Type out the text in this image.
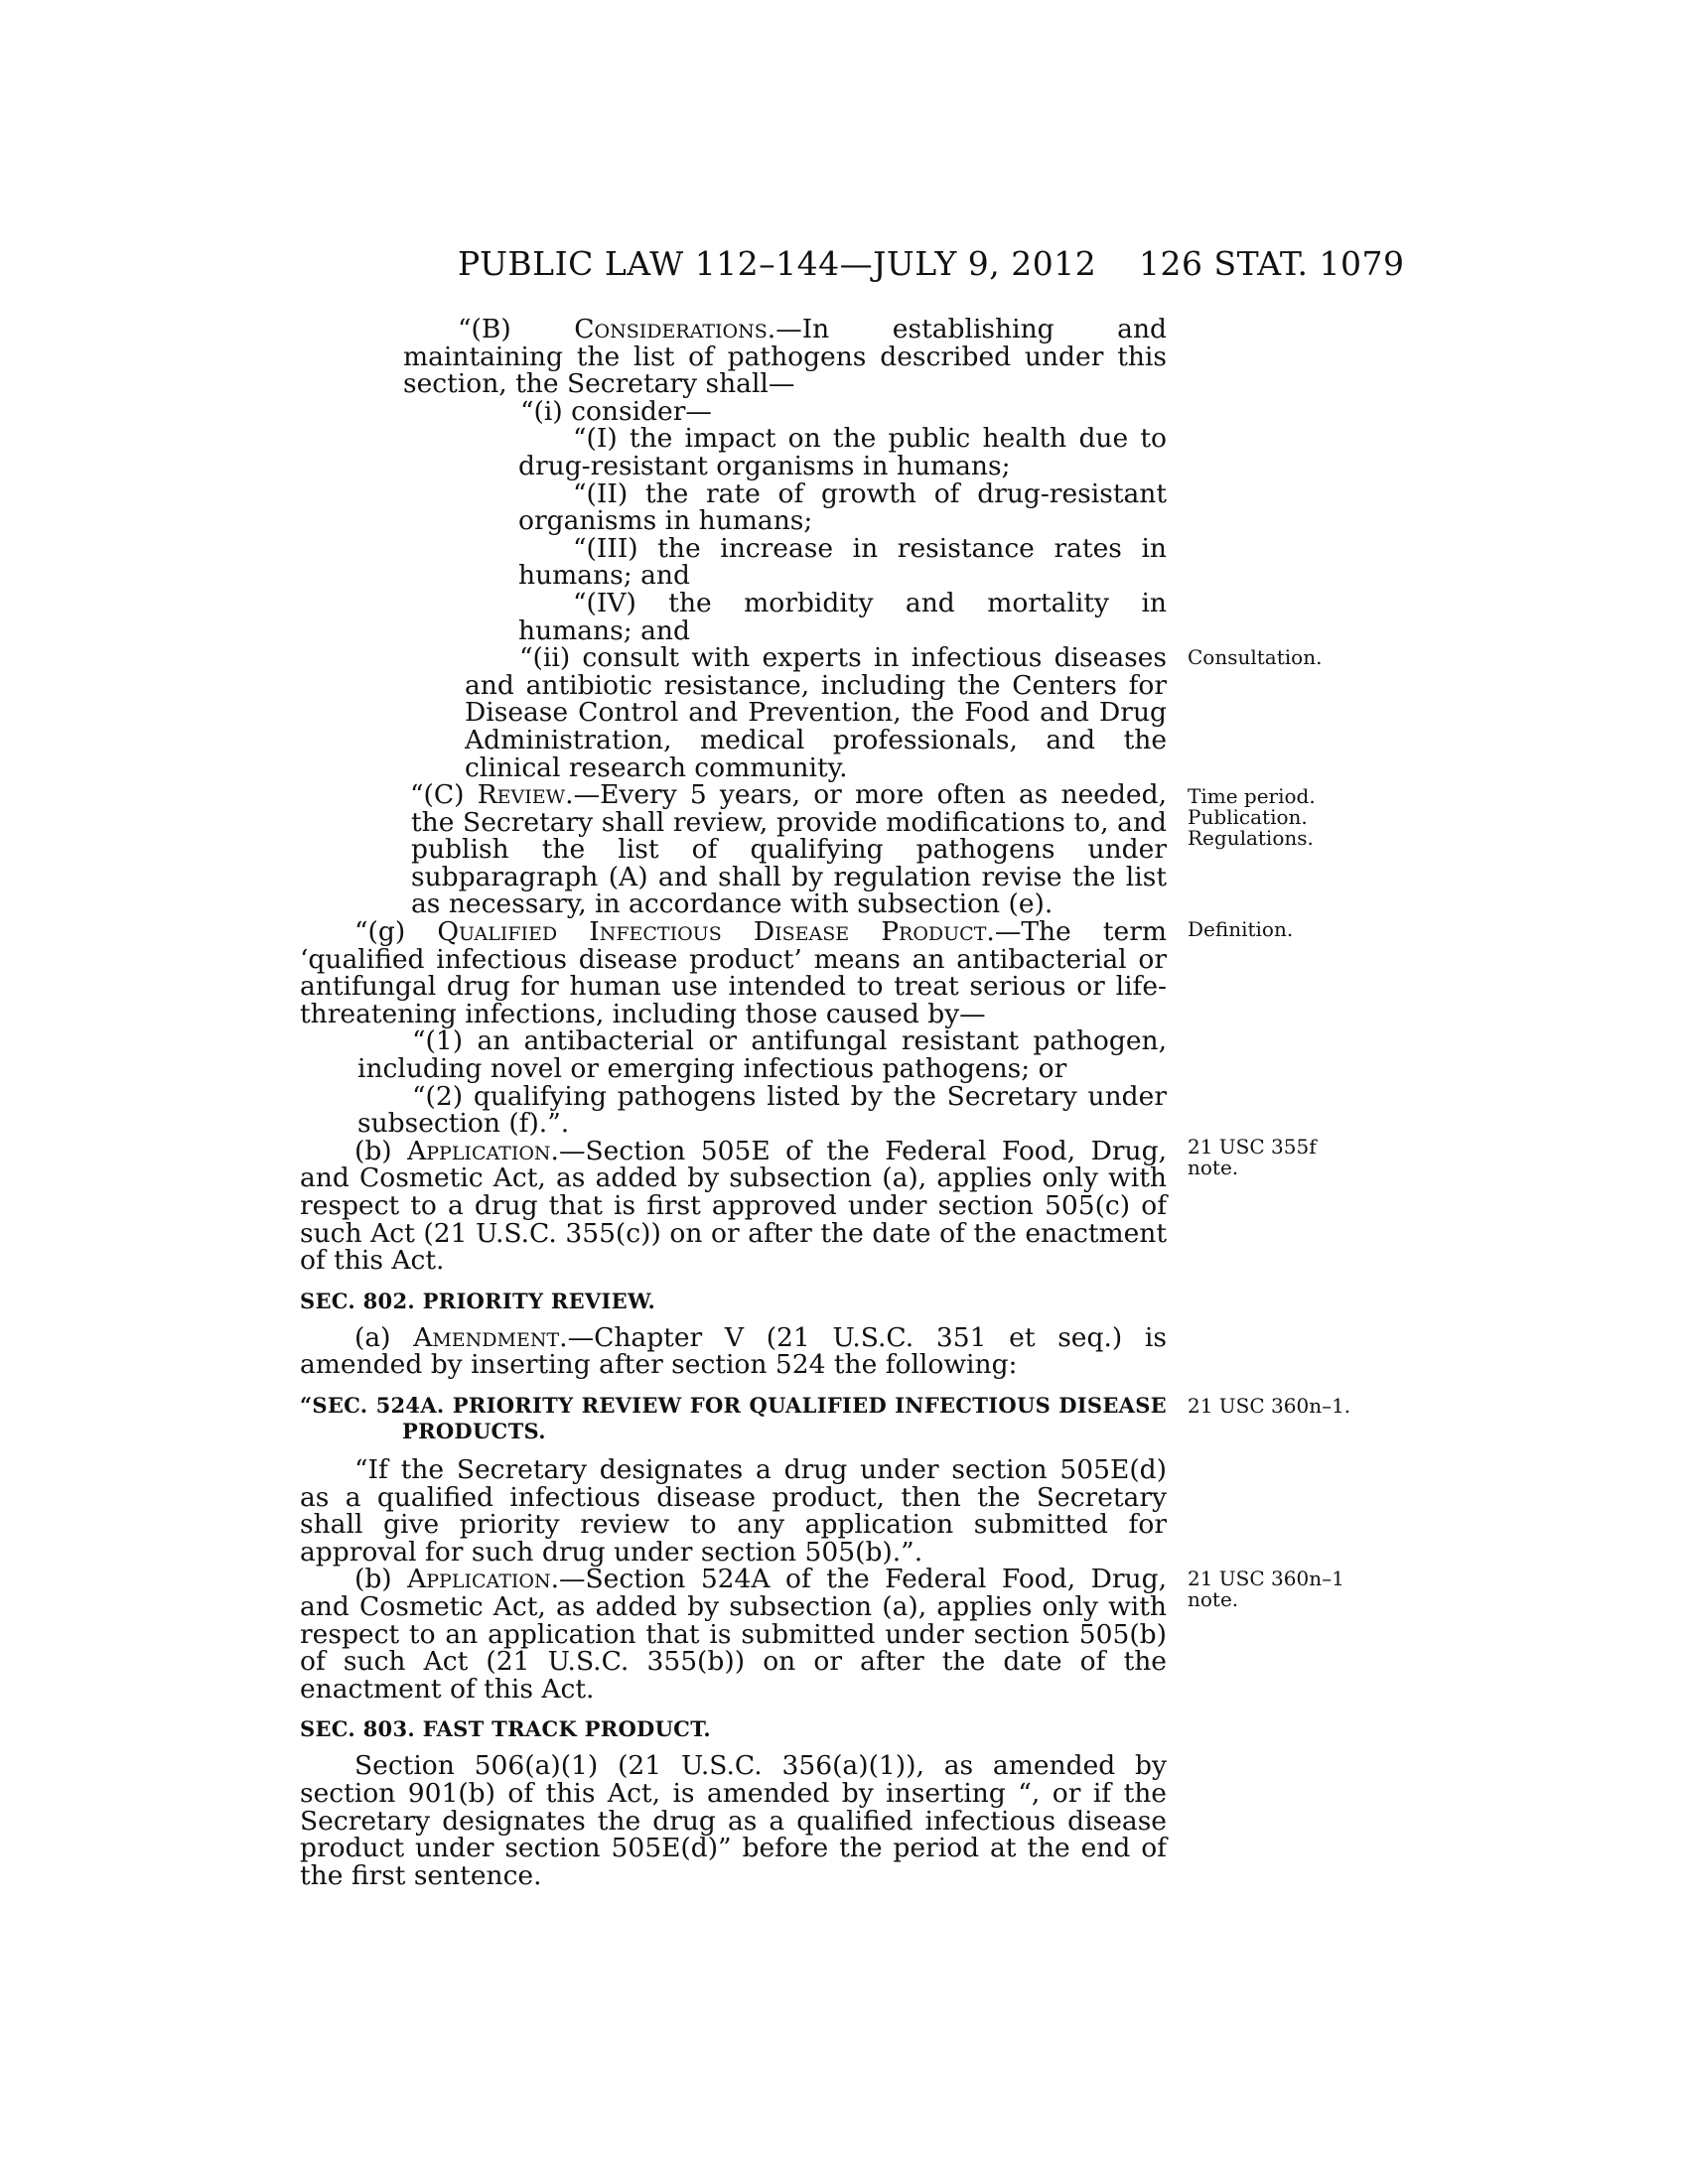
PUBLIC LAW 112–144—JULY 9, 2012 126 STAT. 1079

“(B) Considerations.—In establishing and maintaining the list of pathogens described under this section, the Secretary shall—

“(i) consider—

“(I) the impact on the public health due to drug-resistant organisms in humans;

“(II) the rate of growth of drug-resistant organisms in humans;

“(III) the increase in resistance rates in humans; and

“(IV) the morbidity and mortality in humans; and

“(ii) consult with experts in infectious diseases and antibiotic resistance, including the Centers for Disease Control and Prevention, the Food and Drug Administration, medical professionals, and the clinical research community.

“(C) Review.—Every 5 years, or more often as needed, the Secretary shall review, provide modifications to, and publish the list of qualifying pathogens under subparagraph (A) and shall by regulation revise the list as necessary, in accordance with subsection (e).

“(g) Qualified Infectious Disease Product.—The term ‘qualified infectious disease product’ means an antibacterial or antifungal drug for human use intended to treat serious or life-threatening infections, including those caused by—

“(1) an antibacterial or antifungal resistant pathogen, including novel or emerging infectious pathogens; or

“(2) qualifying pathogens listed by the Secretary under subsection (f).”.

(b) Application.—Section 505E of the Federal Food, Drug, and Cosmetic Act, as added by subsection (a), applies only with respect to a drug that is first approved under section 505(c) of such Act (21 U.S.C. 355(c)) on or after the date of the enactment of this Act.

SEC. 802. PRIORITY REVIEW.

(a) Amendment.—Chapter V (21 U.S.C. 351 et seq.) is amended by inserting after section 524 the following:

“SEC. 524A. PRIORITY REVIEW FOR QUALIFIED INFECTIOUS DISEASE PRODUCTS.

“If the Secretary designates a drug under section 505E(d) as a qualified infectious disease product, then the Secretary shall give priority review to any application submitted for approval for such drug under section 505(b).”.

(b) Application.—Section 524A of the Federal Food, Drug, and Cosmetic Act, as added by subsection (a), applies only with respect to an application that is submitted under section 505(b) of such Act (21 U.S.C. 355(b)) on or after the date of the enactment of this Act.

SEC. 803. FAST TRACK PRODUCT.

Section 506(a)(1) (21 U.S.C. 356(a)(1)), as amended by section 901(b) of this Act, is amended by inserting “, or if the Secretary designates the drug as a qualified infectious disease product under section 505E(d)” before the period at the end of the first sentence.

Consultation.
Time period.
Publication.
Regulations.
Definition.
21 USC 355f
note.
21 USC 360n–1.
21 USC 360n–1
note.
